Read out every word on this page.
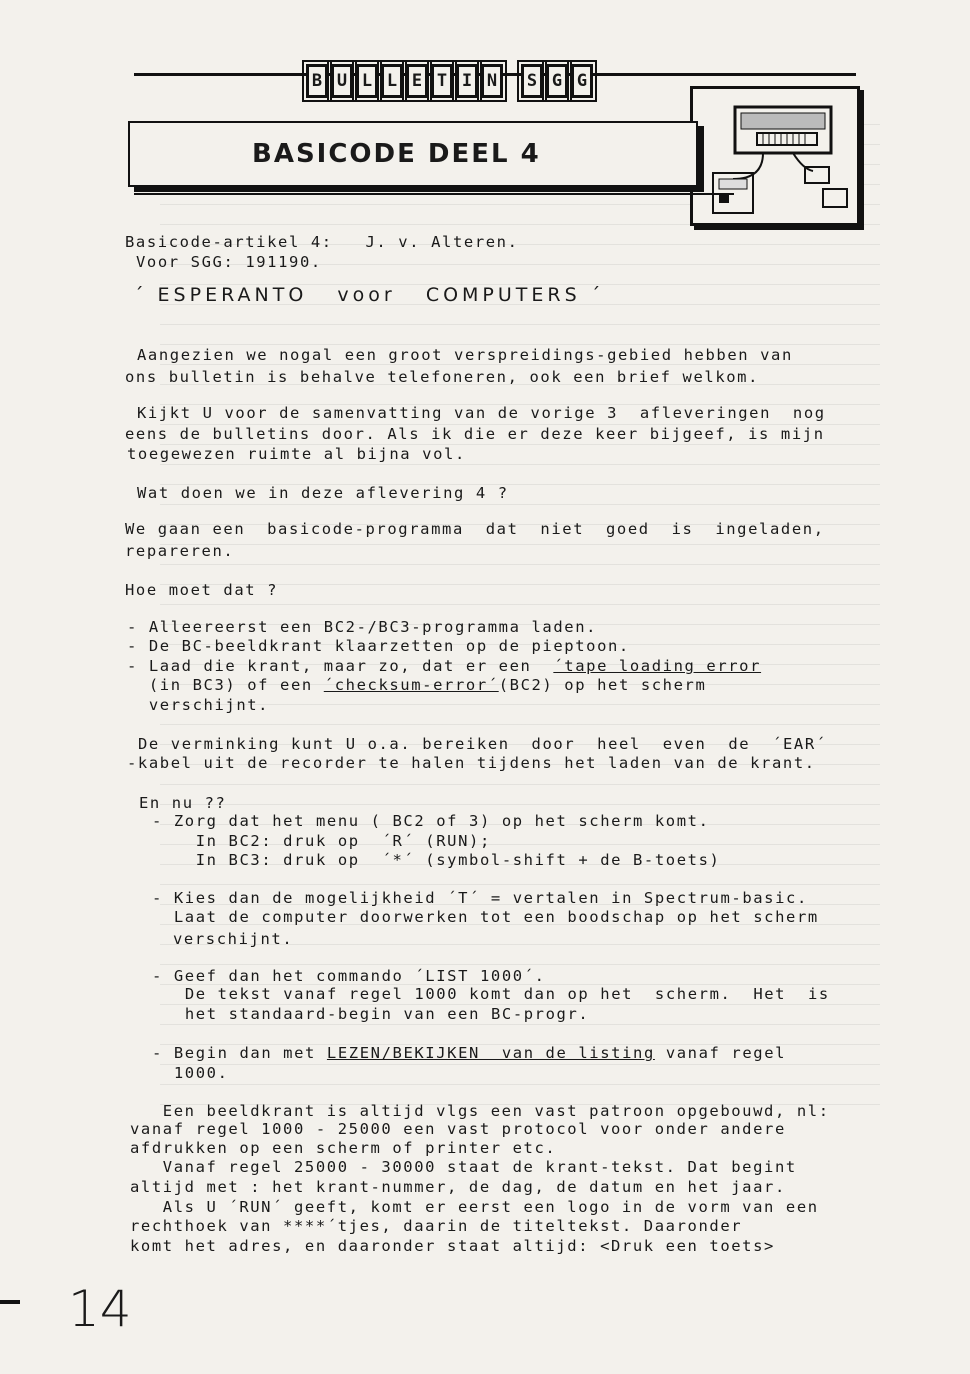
B U L L E T I N	S G G
BASICODE DEEL 4
Basicode-artikel 4:   J. v. Alteren.
Voor SGG: 191190.
´ ESPERANTO   voor   COMPUTERS ´
Aangezien we nogal een groot verspreidings-gebied hebben van
ons bulletin is behalve telefoneren, ook een brief welkom.
Kijkt U voor de samenvatting van de vorige 3  afleveringen  nog
eens de bulletins door. Als ik die er deze keer bijgeef, is mijn
toegewezen ruimte al bijna vol.
Wat doen we in deze aflevering 4 ?
We gaan een  basicode-programma  dat  niet  goed  is  ingeladen,
repareren.
Hoe moet dat ?
- Alleereerst een BC2-/BC3-programma laden.
- De BC-beeldkrant klaarzetten op de pieptoon.
- Laad die krant, maar zo, dat er een  ´tape loading error
(in BC3) of een ´checksum-error´(BC2) op het scherm
verschijnt.
De verminking kunt U o.a. bereiken  door  heel  even  de  ´EAR´
-kabel uit de recorder te halen tijdens het laden van de krant.
En nu ??
- Zorg dat het menu ( BC2 of 3) op het scherm komt.
In BC2: druk op  ´R´ (RUN);
In BC3: druk op  ´*´ (symbol-shift + de B-toets)
- Kies dan de mogelijkheid ´T´ = vertalen in Spectrum-basic.
Laat de computer doorwerken tot een boodschap op het scherm
verschijnt.
- Geef dan het commando ´LIST 1000´.
De tekst vanaf regel 1000 komt dan op het  scherm.  Het  is
het standaard-begin van een BC-progr.
- Begin dan met LEZEN/BEKIJKEN  van de listing vanaf regel
1000.
Een beeldkrant is altijd vlgs een vast patroon opgebouwd, nl:
vanaf regel 1000 - 25000 een vast protocol voor onder andere
afdrukken op een scherm of printer etc.
Vanaf regel 25000 - 30000 staat de krant-tekst. Dat begint
altijd met : het krant-nummer, de dag, de datum en het jaar.
Als U ´RUN´ geeft, komt er eerst een logo in de vorm van een
rechthoek van ****´tjes, daarin de titeltekst. Daaronder
komt het adres, en daaronder staat altijd: <Druk een toets>
14
